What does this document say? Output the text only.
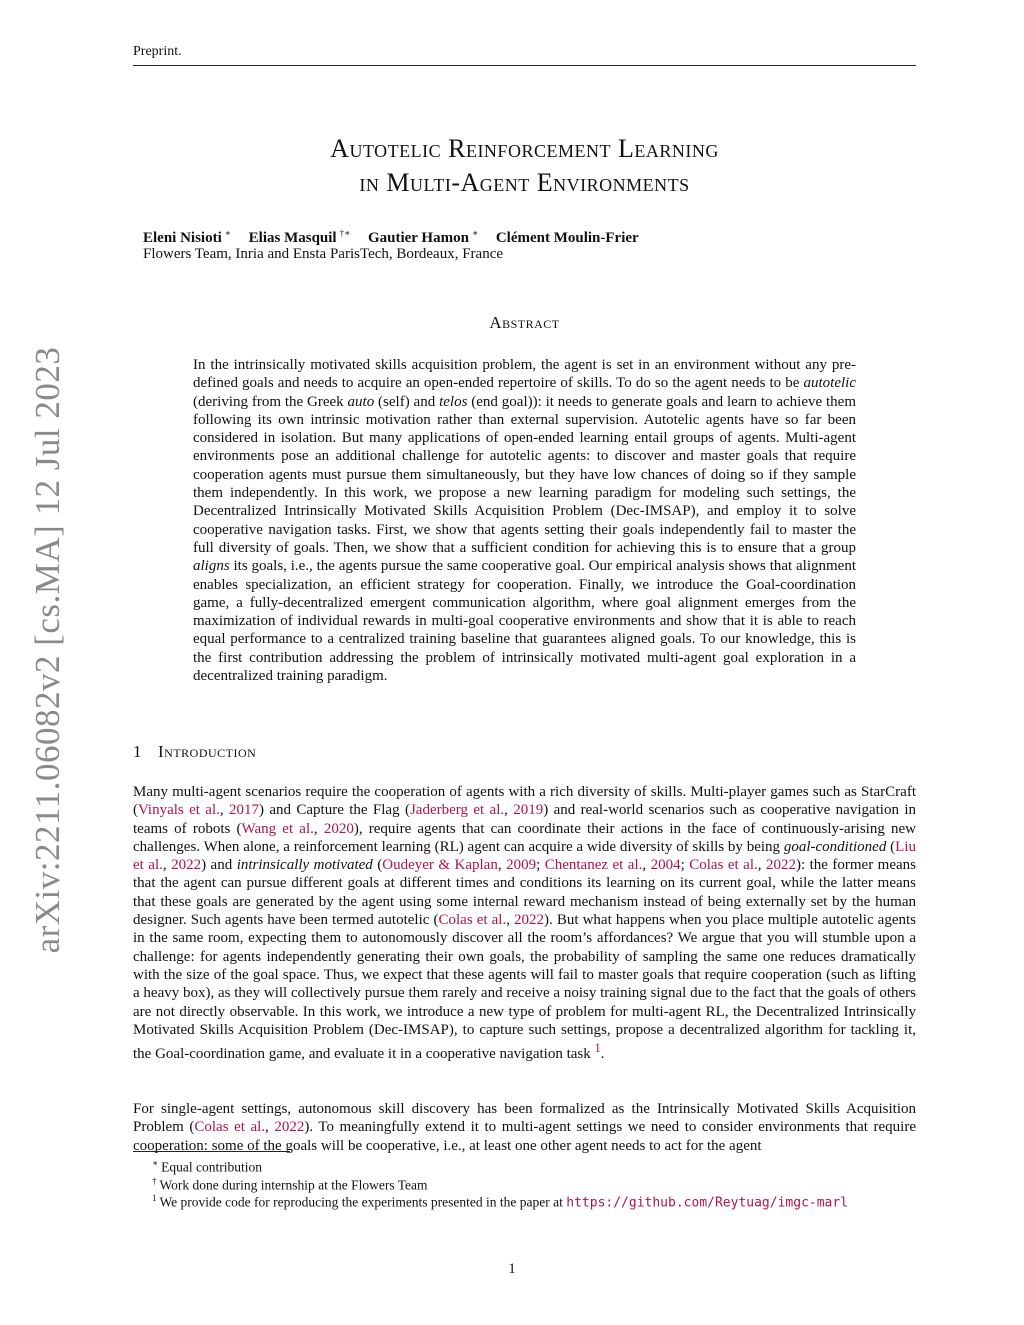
Preprint.
arXiv:2211.06082v2 [cs.MA] 12 Jul 2023
Autotelic Reinforcement Learning
in Multi-Agent Environments
Eleni Nisioti ∗ Elias Masquil †∗ Gautier Hamon ∗ Clément Moulin-Frier
Flowers Team, Inria and Ensta ParisTech, Bordeaux, France
Abstract
In the intrinsically motivated skills acquisition problem, the agent is set in an environment without any pre-defined goals and needs to acquire an open-ended repertoire of skills. To do so the agent needs to be autotelic (deriving from the Greek auto (self) and telos (end goal)): it needs to generate goals and learn to achieve them following its own intrinsic motivation rather than external supervision. Autotelic agents have so far been considered in isolation. But many applications of open-ended learning entail groups of agents. Multi-agent environments pose an additional challenge for autotelic agents: to discover and master goals that require cooperation agents must pursue them simultaneously, but they have low chances of doing so if they sample them independently. In this work, we propose a new learning paradigm for modeling such settings, the Decentralized Intrinsically Motivated Skills Acquisition Problem (Dec-IMSAP), and employ it to solve cooperative navigation tasks. First, we show that agents setting their goals independently fail to master the full diversity of goals. Then, we show that a sufficient condition for achieving this is to ensure that a group aligns its goals, i.e., the agents pursue the same cooperative goal. Our empirical analysis shows that alignment enables specialization, an efficient strategy for cooperation. Finally, we introduce the Goal-coordination game, a fully-decentralized emergent communication algorithm, where goal alignment emerges from the maximization of individual rewards in multi-goal cooperative environments and show that it is able to reach equal performance to a centralized training baseline that guarantees aligned goals. To our knowledge, this is the first contribution addressing the problem of intrinsically motivated multi-agent goal exploration in a decentralized training paradigm.
1 Introduction
Many multi-agent scenarios require the cooperation of agents with a rich diversity of skills. Multi-player games such as StarCraft (Vinyals et al., 2017) and Capture the Flag (Jaderberg et al., 2019) and real-world scenarios such as cooperative navigation in teams of robots (Wang et al., 2020), require agents that can coordinate their actions in the face of continuously-arising new challenges. When alone, a reinforcement learning (RL) agent can acquire a wide diversity of skills by being goal-conditioned (Liu et al., 2022) and intrinsically motivated (Oudeyer & Kaplan, 2009; Chentanez et al., 2004; Colas et al., 2022): the former means that the agent can pursue different goals at different times and conditions its learning on its current goal, while the latter means that these goals are generated by the agent using some internal reward mechanism instead of being externally set by the human designer. Such agents have been termed autotelic (Colas et al., 2022). But what happens when you place multiple autotelic agents in the same room, expecting them to autonomously discover all the room’s affordances? We argue that you will stumble upon a challenge: for agents independently generating their own goals, the probability of sampling the same one reduces dramatically with the size of the goal space. Thus, we expect that these agents will fail to master goals that require cooperation (such as lifting a heavy box), as they will collectively pursue them rarely and receive a noisy training signal due to the fact that the goals of others are not directly observable. In this work, we introduce a new type of problem for multi-agent RL, the Decentralized Intrinsically Motivated Skills Acquisition Problem (Dec-IMSAP), to capture such settings, propose a decentralized algorithm for tackling it, the Goal-coordination game, and evaluate it in a cooperative navigation task $^1$.
For single-agent settings, autonomous skill discovery has been formalized as the Intrinsically Motivated Skills Acquisition Problem (Colas et al., 2022). To meaningfully extend it to multi-agent settings we need to consider environments that require cooperation: some of the goals will be cooperative, i.e., at least one other agent needs to act for the agent
∗ Equal contribution
† Work done during internship at the Flowers Team
$^1$ We provide code for reproducing the experiments presented in the paper at https://github.com/Reytuag/imgc-marl
1
